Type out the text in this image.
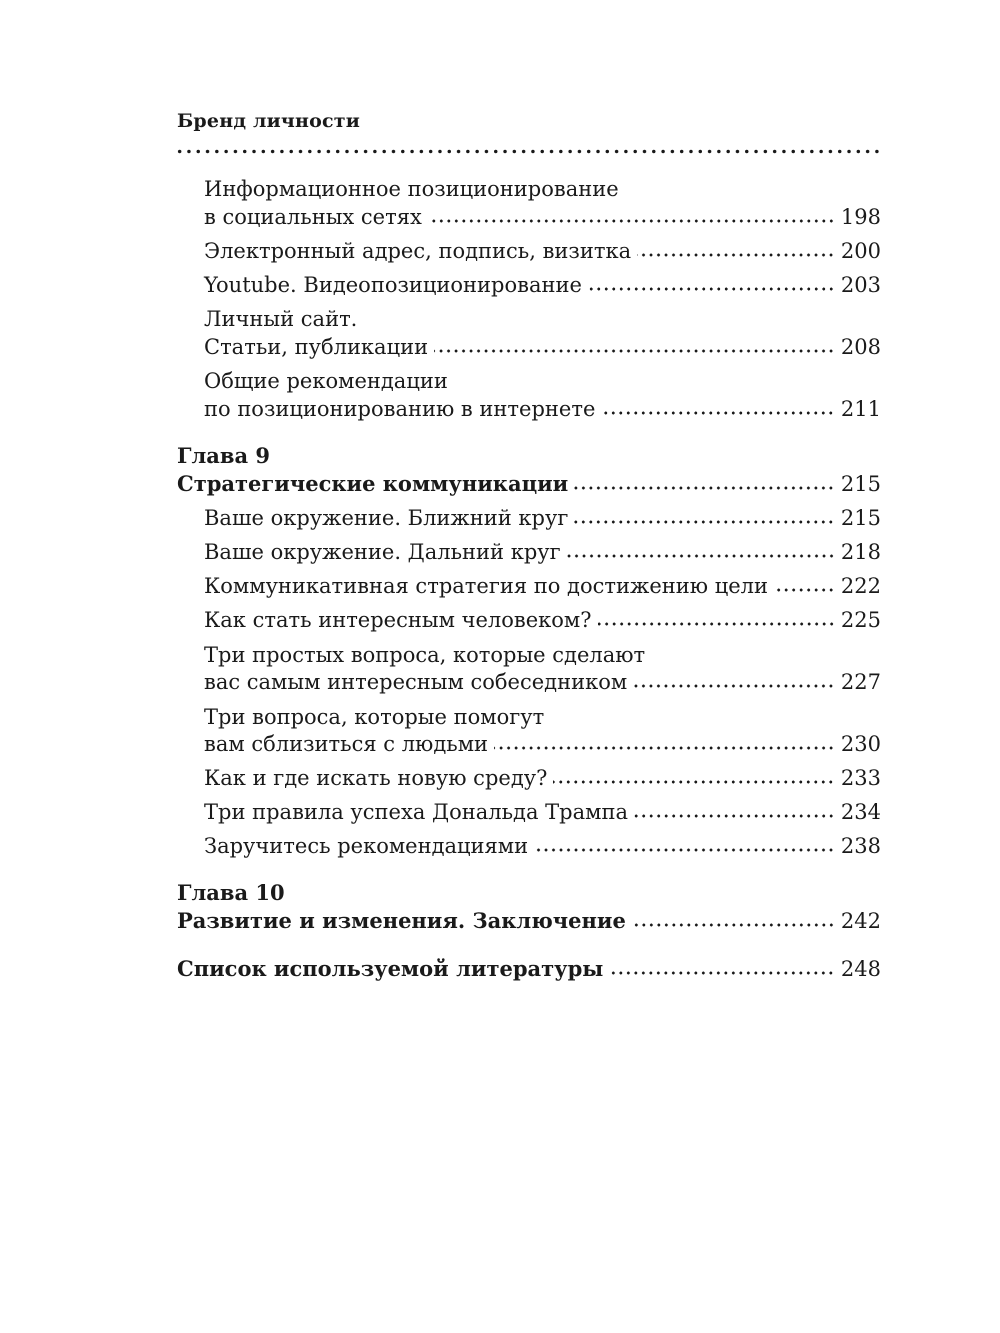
Бренд личности
Информационное позиционирование
в социальных сетях	198
Электронный адрес, подпись, визитка	200
Youtube. Видеопозиционирование	203
Личный сайт.
Статьи, публикации	208
Общие рекомендации
по позиционированию в интернете	211
Глава 9
Стратегические коммуникации	215
Ваше окружение. Ближний круг	215
Ваше окружение. Дальний круг	218
Коммуникативная стратегия по достижению цели	222
Как стать интересным человеком?	225
Три простых вопроса, которые сделают
вас самым интересным собеседником	227
Три вопроса, которые помогут
вам сблизиться с людьми	230
Как и где искать новую среду?	233
Три правила успеха Дональда Трампа	234
Заручитесь рекомендациями	238
Глава 10
Развитие и изменения. Заключение	242
Список используемой литературы	248
